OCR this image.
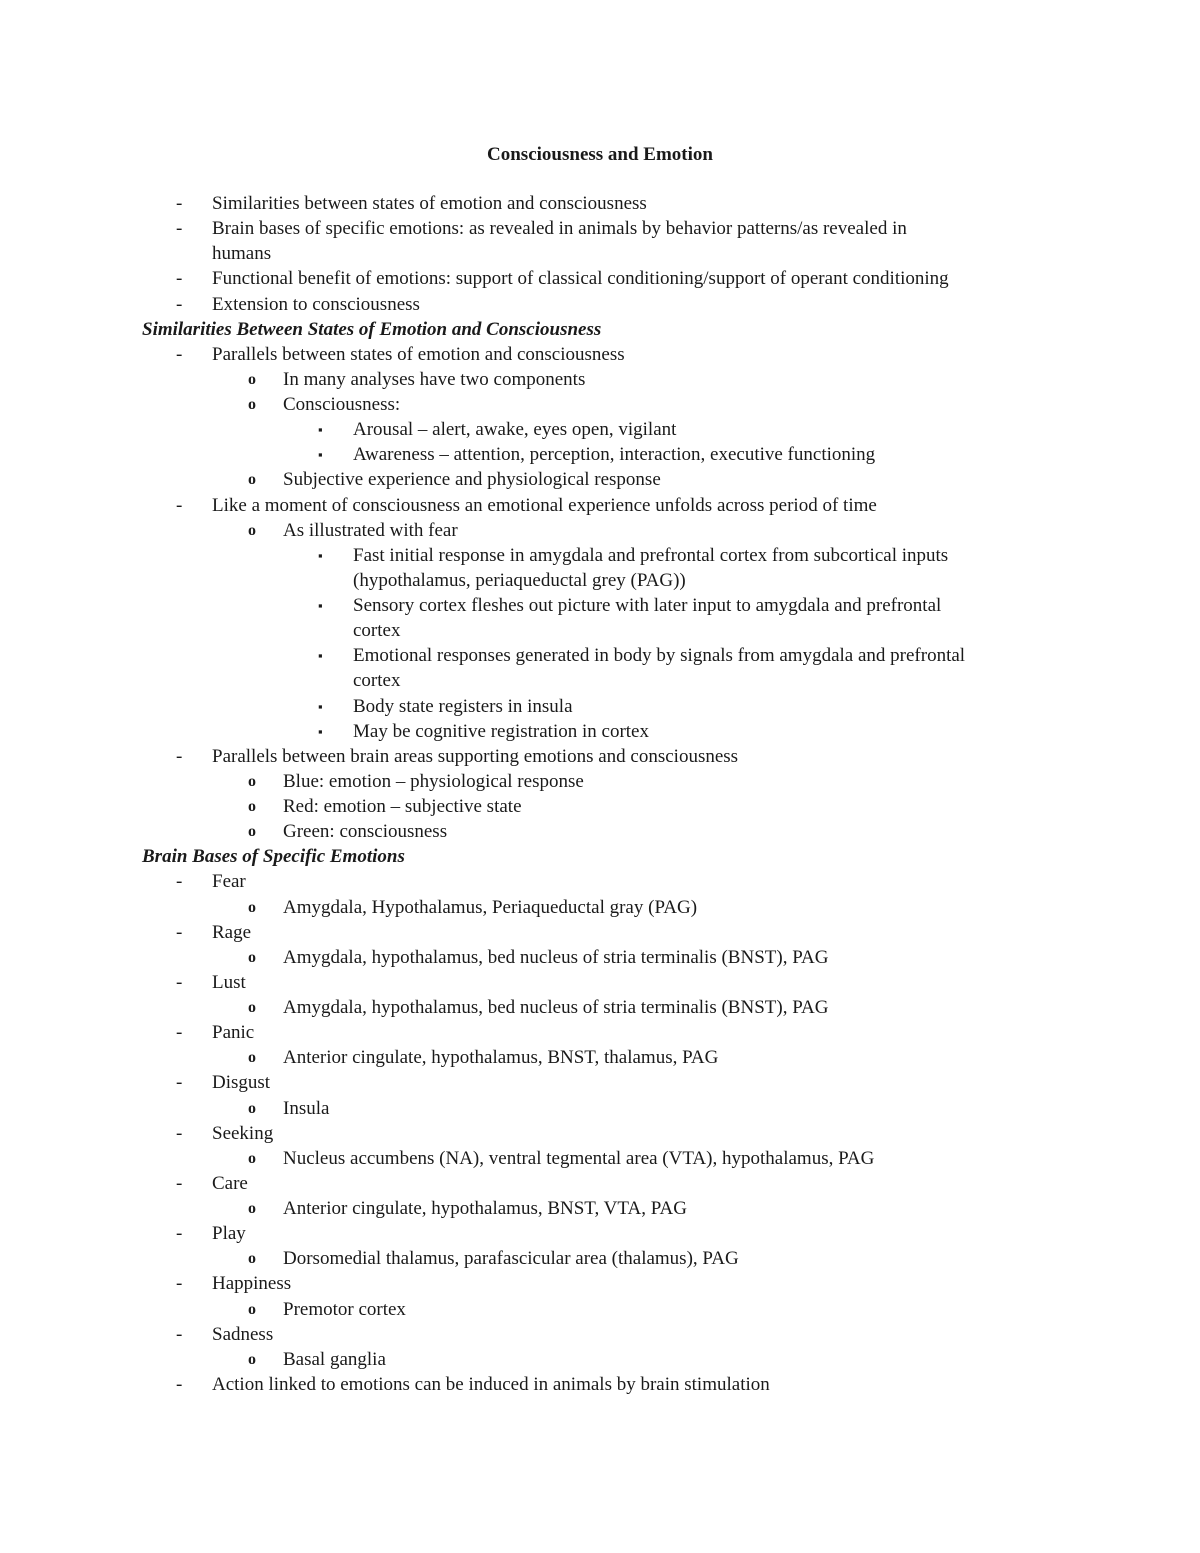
Consciousness and Emotion
- Similarities between states of emotion and consciousness
- Brain bases of specific emotions: as revealed in animals by behavior patterns/as revealed in
humans
- Functional benefit of emotions: support of classical conditioning/support of operant conditioning
- Extension to consciousness
Similarities Between States of Emotion and Consciousness
- Parallels between states of emotion and consciousness
o In many analyses have two components
o Consciousness:
▪ Arousal – alert, awake, eyes open, vigilant
▪ Awareness – attention, perception, interaction, executive functioning
o Subjective experience and physiological response
- Like a moment of consciousness an emotional experience unfolds across period of time
o As illustrated with fear
▪ Fast initial response in amygdala and prefrontal cortex from subcortical inputs
(hypothalamus, periaqueductal grey (PAG))
▪ Sensory cortex fleshes out picture with later input to amygdala and prefrontal
cortex
▪ Emotional responses generated in body by signals from amygdala and prefrontal
cortex
▪ Body state registers in insula
▪ May be cognitive registration in cortex
- Parallels between brain areas supporting emotions and consciousness
o Blue: emotion – physiological response
o Red: emotion – subjective state
o Green: consciousness
Brain Bases of Specific Emotions
- Fear
o Amygdala, Hypothalamus, Periaqueductal gray (PAG)
- Rage
o Amygdala, hypothalamus, bed nucleus of stria terminalis (BNST), PAG
- Lust
o Amygdala, hypothalamus, bed nucleus of stria terminalis (BNST), PAG
- Panic
o Anterior cingulate, hypothalamus, BNST, thalamus, PAG
- Disgust
o Insula
- Seeking
o Nucleus accumbens (NA), ventral tegmental area (VTA), hypothalamus, PAG
- Care
o Anterior cingulate, hypothalamus, BNST, VTA, PAG
- Play
o Dorsomedial thalamus, parafascicular area (thalamus), PAG
- Happiness
o Premotor cortex
- Sadness
o Basal ganglia
- Action linked to emotions can be induced in animals by brain stimulation
